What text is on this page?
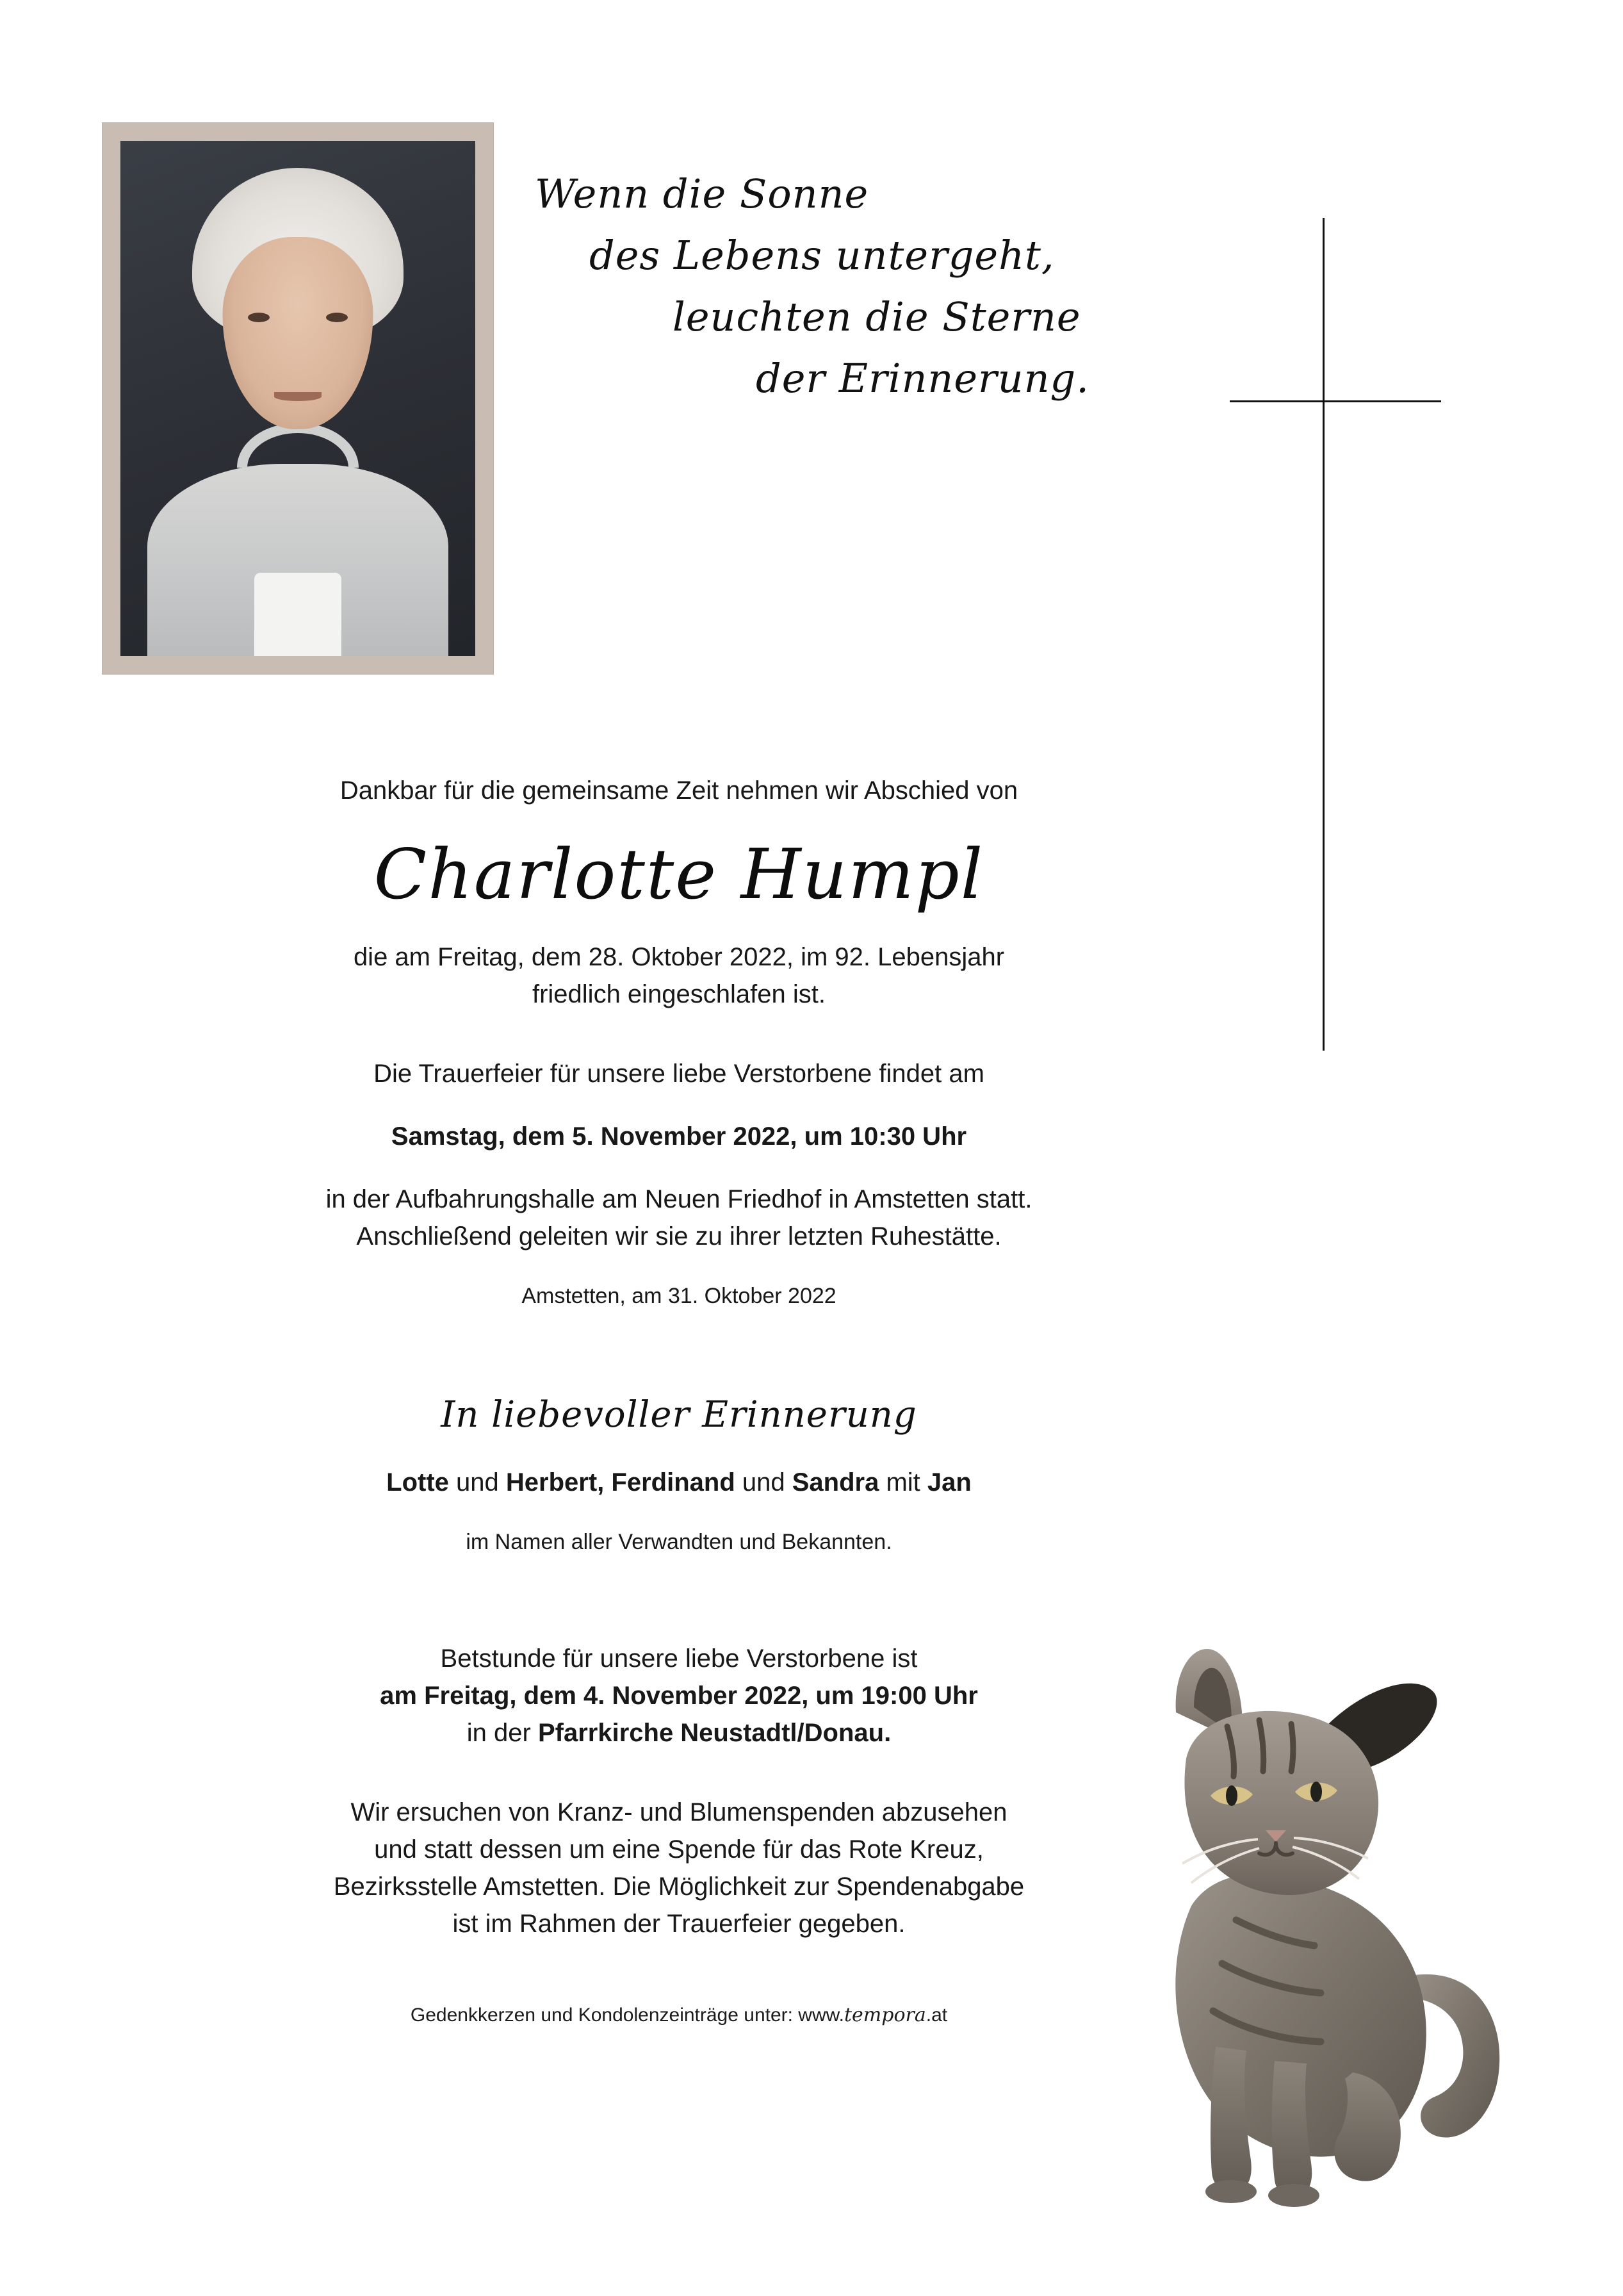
Wenn die Sonne
des Lebens untergeht,
leuchten die Sterne
der Erinnerung.

Dankbar für die gemeinsame Zeit nehmen wir Abschied von

Charlotte Humpl

die am Freitag, dem 28. Oktober 2022, im 92. Lebensjahr

friedlich eingeschlafen ist.

Die Trauerfeier für unsere liebe Verstorbene findet am

Samstag, dem 5. November 2022, um 10:30 Uhr

in der Aufbahrungshalle am Neuen Friedhof in Amstetten statt.

Anschließend geleiten wir sie zu ihrer letzten Ruhestätte.

Amstetten, am 31. Oktober 2022

In liebevoller Erinnerung

Lotte und Herbert, Ferdinand und Sandra mit Jan

im Namen aller Verwandten und Bekannten.

Betstunde für unsere liebe Verstorbene ist

am Freitag, dem 4. November 2022, um 19:00 Uhr

in der Pfarrkirche Neustadtl/Donau.

Wir ersuchen von Kranz- und Blumenspenden abzusehen

und statt dessen um eine Spende für das Rote Kreuz,

Bezirksstelle Amstetten. Die Möglichkeit zur Spendenabgabe

ist im Rahmen der Trauerfeier gegeben.

Gedenkkerzen und Kondolenzeinträge unter: www.tempora.at
